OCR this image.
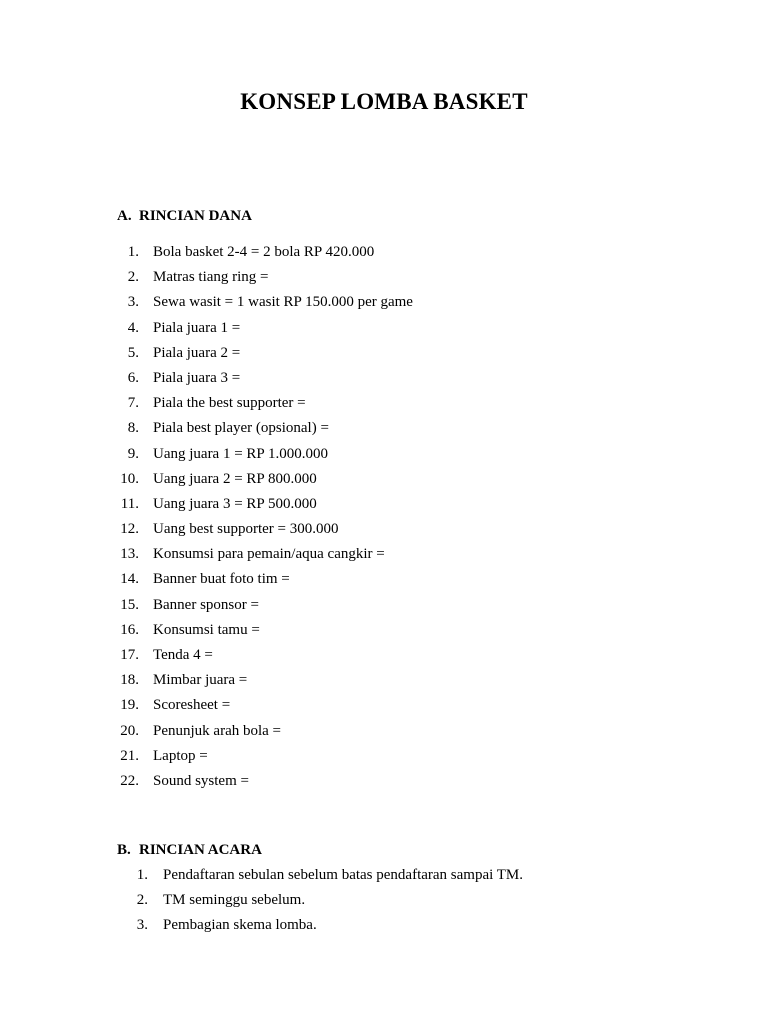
KONSEP LOMBA BASKET
A. RINCIAN DANA
1. Bola basket 2-4 = 2 bola RP 420.000
2. Matras tiang ring =
3. Sewa wasit = 1 wasit RP 150.000 per game
4. Piala juara 1 =
5. Piala juara 2 =
6. Piala juara 3 =
7. Piala the best supporter =
8. Piala best player (opsional) =
9. Uang juara 1 = RP 1.000.000
10. Uang juara 2 = RP 800.000
11. Uang juara 3 = RP 500.000
12. Uang best supporter = 300.000
13. Konsumsi para pemain/aqua cangkir =
14. Banner buat foto tim =
15. Banner sponsor =
16. Konsumsi tamu =
17. Tenda 4 =
18. Mimbar juara =
19. Scoresheet =
20. Penunjuk arah bola =
21. Laptop =
22. Sound system =
B. RINCIAN ACARA
1. Pendaftaran sebulan sebelum batas pendaftaran sampai TM.
2. TM seminggu sebelum.
3. Pembagian skema lomba.
